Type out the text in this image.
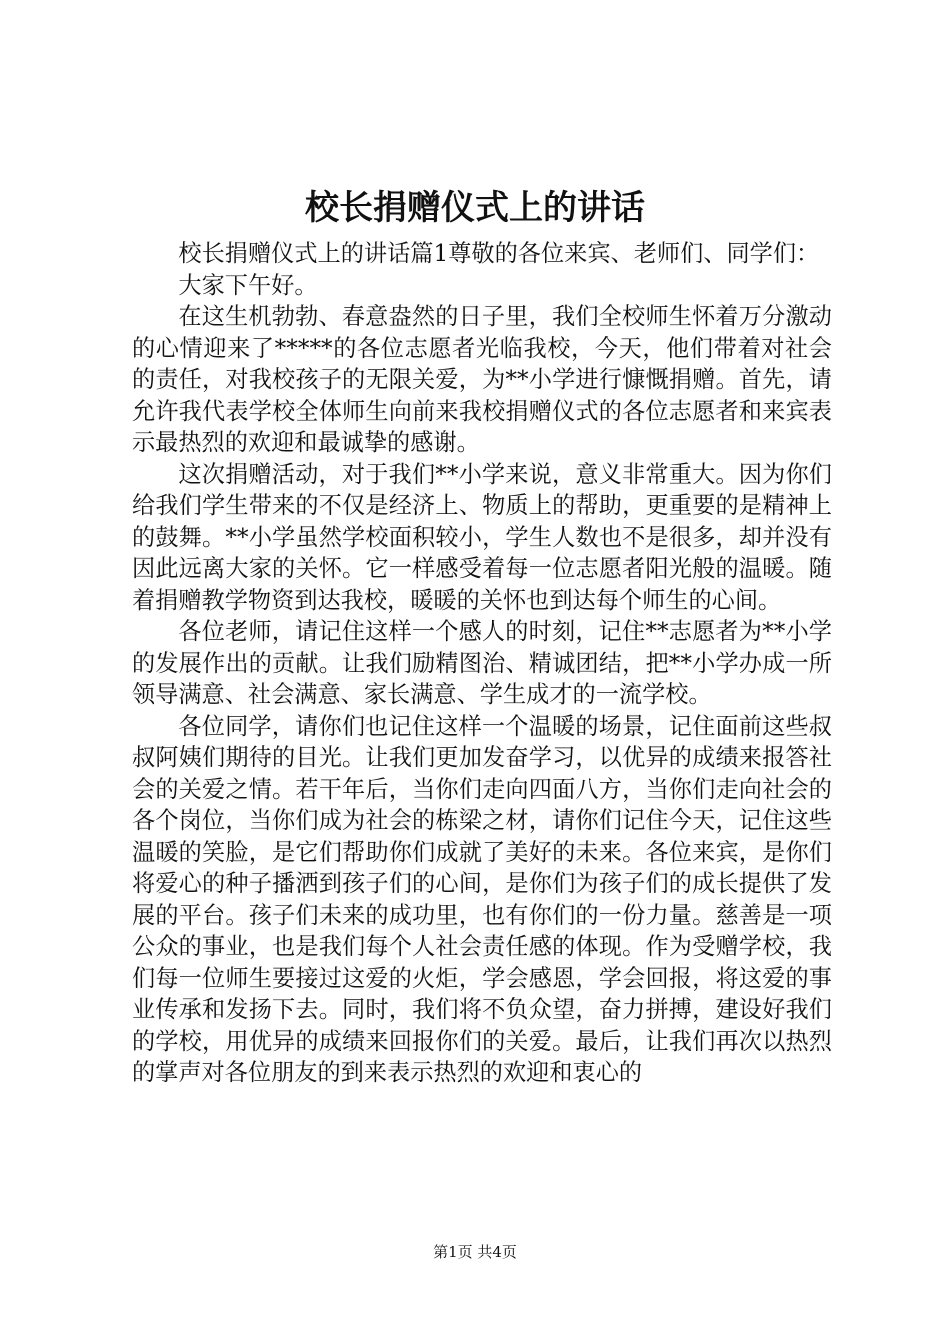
校长捐赠仪式上的讲话

校长捐赠仪式上的讲话篇1尊敬的各位来宾、老师们、同学们：

大家下午好。

在这生机勃勃、春意盎然的日子里，我们全校师生怀着万分激动的心情迎来了*****的各位志愿者光临我校，今天，他们带着对社会的责任，对我校孩子的无限关爱，为**小学进行慷慨捐赠。首先，请允许我代表学校全体师生向前来我校捐赠仪式的各位志愿者和来宾表示最热烈的欢迎和最诚挚的感谢。

这次捐赠活动，对于我们**小学来说，意义非常重大。因为你们给我们学生带来的不仅是经济上、物质上的帮助，更重要的是精神上的鼓舞。**小学虽然学校面积较小，学生人数也不是很多，却并没有因此远离大家的关怀。它一样感受着每一位志愿者阳光般的温暖。随着捐赠教学物资到达我校，暖暖的关怀也到达每个师生的心间。

各位老师，请记住这样一个感人的时刻，记住**志愿者为**小学的发展作出的贡献。让我们励精图治、精诚团结，把**小学办成一所领导满意、社会满意、家长满意、学生成才的一流学校。

各位同学，请你们也记住这样一个温暖的场景，记住面前这些叔叔阿姨们期待的目光。让我们更加发奋学习，以优异的成绩来报答社会的关爱之情。若干年后，当你们走向四面八方，当你们走向社会的各个岗位，当你们成为社会的栋梁之材，请你们记住今天，记住这些温暖的笑脸，是它们帮助你们成就了美好的未来。各位来宾，是你们将爱心的种子播洒到孩子们的心间，是你们为孩子们的成长提供了发展的平台。孩子们未来的成功里，也有你们的一份力量。慈善是一项公众的事业，也是我们每个人社会责任感的体现。作为受赠学校，我们每一位师生要接过这爱的火炬，学会感恩，学会回报，将这爱的事业传承和发扬下去。同时，我们将不负众望，奋力拼搏，建设好我们的学校，用优异的成绩来回报你们的关爱。最后，让我们再次以热烈的掌声对各位朋友的到来表示热烈的欢迎和衷心的

第1页 共4页
